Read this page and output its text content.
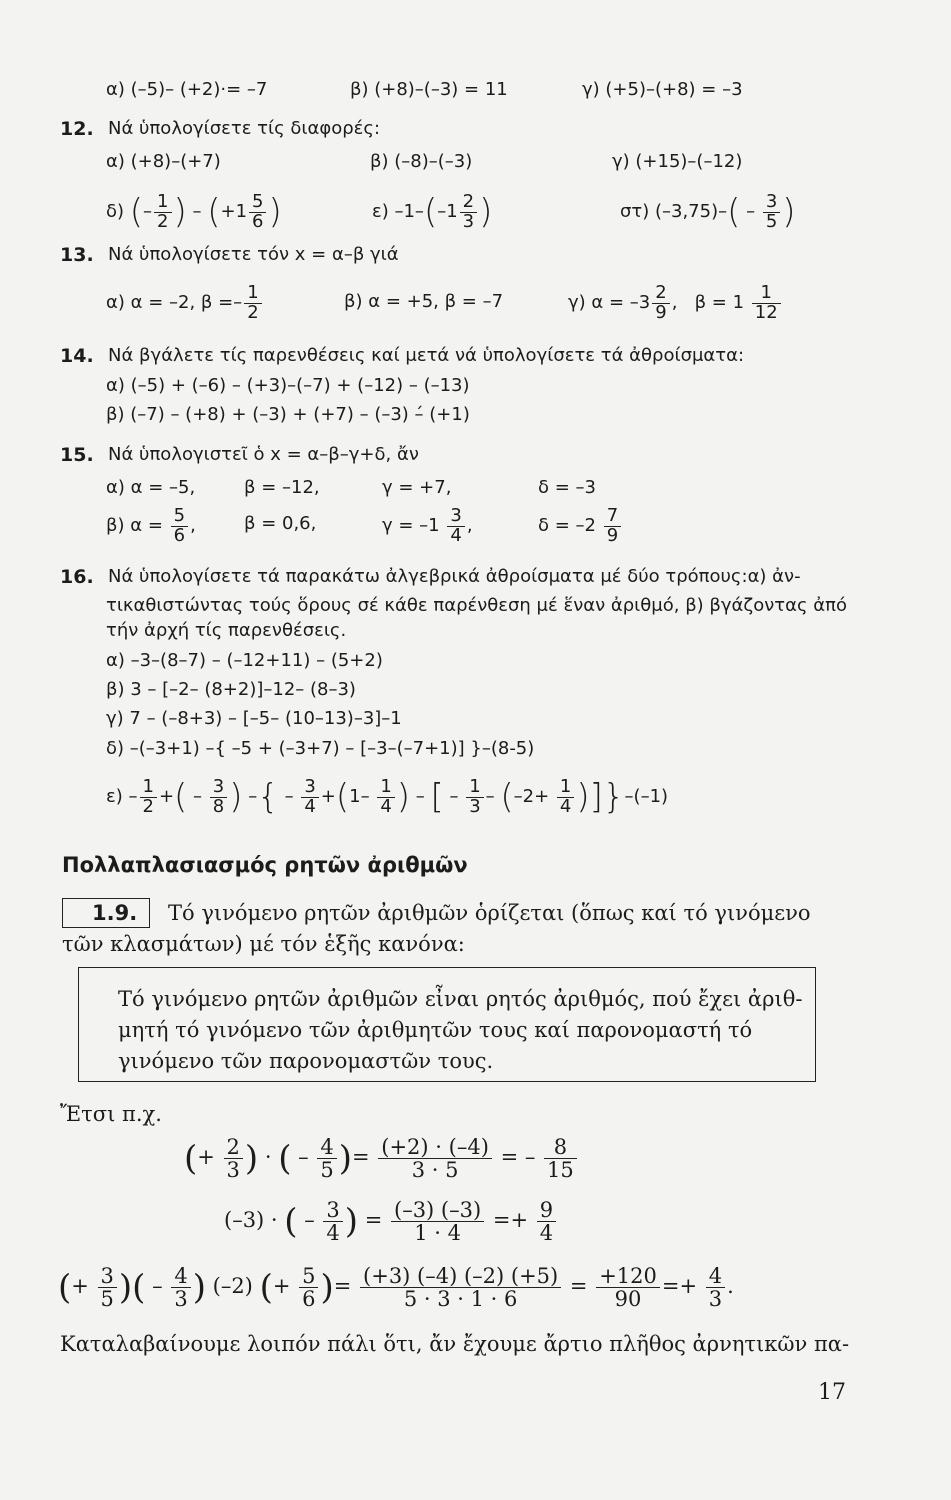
α) (–5)– (+2)·= –7	β) (+8)–(–3) = 11	γ) (+5)–(+8) = –3
12. Νά ὑπολογίσετε τίς διαφορές:
α) (+8)–(+7)	β) (–8)–(–3)	γ) (+15)–(–12)
δ) (– $\frac{1}{2}$ ) – ($+1 \frac{5}{6}$ )	ε) $-1-(-1 \frac{2}{3}$ )	στ) $(-3,75)-( - \frac{3}{5}$ )
13. Νά ὑπολογίσετε τόν x = α–β γιά
α) α = –2, $\beta =- \frac{1}{2}$	β) α = +5, β = –7	γ) $\alpha = -3 \frac{2}{9}$ ,   $\beta = 1 \frac{1}{12}$
14. Νά βγάλετε τίς παρενθέσεις καί μετά νά ὑπολογίσετε τά ἀθροίσματα:
α) (–5) + (–6) – (+3)–(–7) + (–12) – (–13)
β) (–7) – (+8) + (–3) + (+7) – (–3) –́ (+1)
15. Νά ὑπολογιστεῖ ὁ x = α–β–γ+δ, ἄν
α) α = –5,	β = –12,	γ = +7,	δ = –3
β) $\alpha = \frac{5}{6}$ ,	β = 0,6,	$\gamma = -1 \frac{3}{4}$ ,	$\delta = -2 \frac{7}{9}$
16. Νά ὑπολογίσετε τά παρακάτω ἀλγεβρικά ἀθροίσματα μέ δύο τρόπους:α) ἀν-
τικαθιστώντας τούς ὅρους σέ κάθε παρένθεση μέ ἕναν ἀριθμό, β) βγάζοντας ἀπό
τήν ἀρχή τίς παρενθέσεις.
α) –3–(8–7) – (–12+11) – (5+2)
β) 3 – [–2– (8+2)]–12– (8–3)
γ) 7 – (–8+3) – [–5– (10–13)–3]–1
δ) –(–3+1) –{ –5 + (–3+7) – [–3–(–7+1)] }–(8-5)
$\varepsilon) - \frac{1}{2}$ +( – $\frac{3}{8}$ ) –{ – $\frac{3}{4} +(1- \frac{1}{4}$ ) – [ – $\frac{1}{3} - (-2+ \frac{1}{4} )]\}-(-1)$
Πολλαπλασιασμός ρητῶν ἀριθμῶν
1.9. Τό γινόμενο ρητῶν ἀριθμῶν ὁρίζεται (ὅπως καί τό γινόμενο
τῶν κλασμάτων) μέ τόν ἑξῆς κανόνα:
Τό γινόμενο ρητῶν ἀριθμῶν εἶναι ρητός ἀριθμός, πού ἔχει ἀριθ-
μητή τό γινόμενο τῶν ἀριθμητῶν τους καί παρονομαστή τό
γινόμενο τῶν παρονομαστῶν τους.
Ἔτσι π.χ.
(+ $\frac{2}{3}$ ) · ( – $\frac{4}{5}$ )= $\frac{(+2) \cdot (-4)}{3 \cdot 5}$ = – $\frac{8}{15}$
(–3) · ( – $\frac{3}{4}$ ) = $\frac{(-3) (-3)}{1 \cdot 4} =+ \frac{9}{4}$
(+ $\frac{3}{5}$ )( – $\frac{4}{3}$ ) (–2) (+ $\frac{5}{6}$ )= $\frac{(+3) (-4) (-2) (+5)}{5 \cdot 3 \cdot 1 \cdot 6} = \frac{+120}{90} =+ \frac{4}{3}$ .
Καταλαβαίνουμε λοιπόν πάλι ὅτι, ἄν ἔχουμε ἄρτιο πλῆθος ἀρνητικῶν πα-
17
